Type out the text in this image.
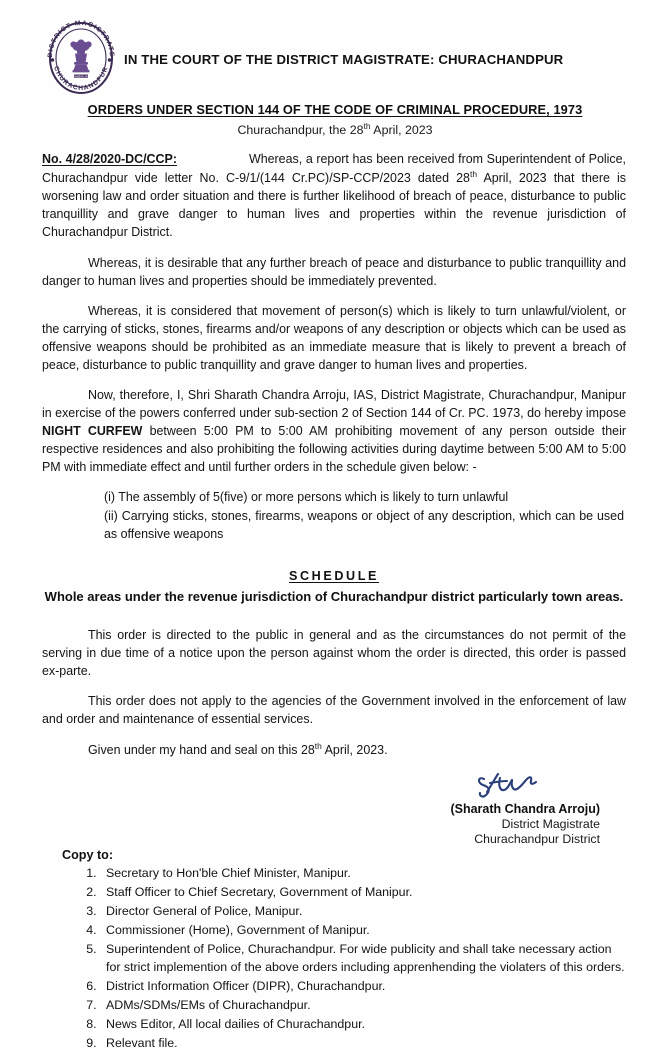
DISTRICT MAGISTRATE
CHURACHANDPUR
SATYAMEVA JAYATE
IN THE COURT OF THE DISTRICT MAGISTRATE: CHURACHANDPUR
ORDERS UNDER SECTION 144 OF THE CODE OF CRIMINAL PROCEDURE, 1973
Churachandpur, the 28th April, 2023

No. 4/28/2020-DC/CCP:	Whereas, a report has been received from Superintendent of Police, Churachandpur vide letter No. C-9/1/(144 Cr.PC)/SP-CCP/2023 dated 28th April, 2023 that there is worsening law and order situation and there is further likelihood of breach of peace, disturbance to public tranquillity and grave danger to human lives and properties within the revenue jurisdiction of Churachandpur District.

Whereas, it is desirable that any further breach of peace and disturbance to public tranquillity and danger to human lives and properties should be immediately prevented.

Whereas, it is considered that movement of person(s) which is likely to turn unlawful/violent, or the carrying of sticks, stones, firearms and/or weapons of any description or objects which can be used as offensive weapons should be prohibited as an immediate measure that is likely to prevent a breach of peace, disturbance to public tranquillity and grave danger to human lives and properties.

Now, therefore, I, Shri Sharath Chandra Arroju, IAS, District Magistrate, Churachandpur, Manipur in exercise of the powers conferred under sub-section 2 of Section 144 of Cr. PC. 1973, do hereby impose NIGHT CURFEW between 5:00 PM to 5:00 AM prohibiting movement of any person outside their respective residences and also prohibiting the following activities during daytime between 5:00 AM to 5:00 PM with immediate effect and until further orders in the schedule given below: -

(i) The assembly of 5(five) or more persons which is likely to turn unlawful

(ii) Carrying sticks, stones, firearms, weapons or object of any description, which can be used as offensive weapons

SCHEDULE
Whole areas under the revenue jurisdiction of Churachandpur district particularly town areas.

This order is directed to the public in general and as the circumstances do not permit of the serving in due time of a notice upon the person against whom the order is directed, this order is passed ex-parte.

This order does not apply to the agencies of the Government involved in the enforcement of law and order and maintenance of essential services.

Given under my hand and seal on this 28th April, 2023.

(Sharath Chandra Arroju)
District Magistrate
Churachandpur District
Copy to:
1. Secretary to Hon'ble Chief Minister, Manipur.
2. Staff Officer to Chief Secretary, Government of Manipur.
3. Director General of Police, Manipur.
4. Commissioner (Home), Government of Manipur.
5. Superintendent of Police, Churachandpur. For wide publicity and shall take necessary action for strict implemention of the above orders including apprenhending the violaters of this orders.
6. District Information Officer (DIPR), Churachandpur.
7. ADMs/SDMs/EMs of Churachandpur.
8. News Editor, All local dailies of Churachandpur.
9. Relevant file.
